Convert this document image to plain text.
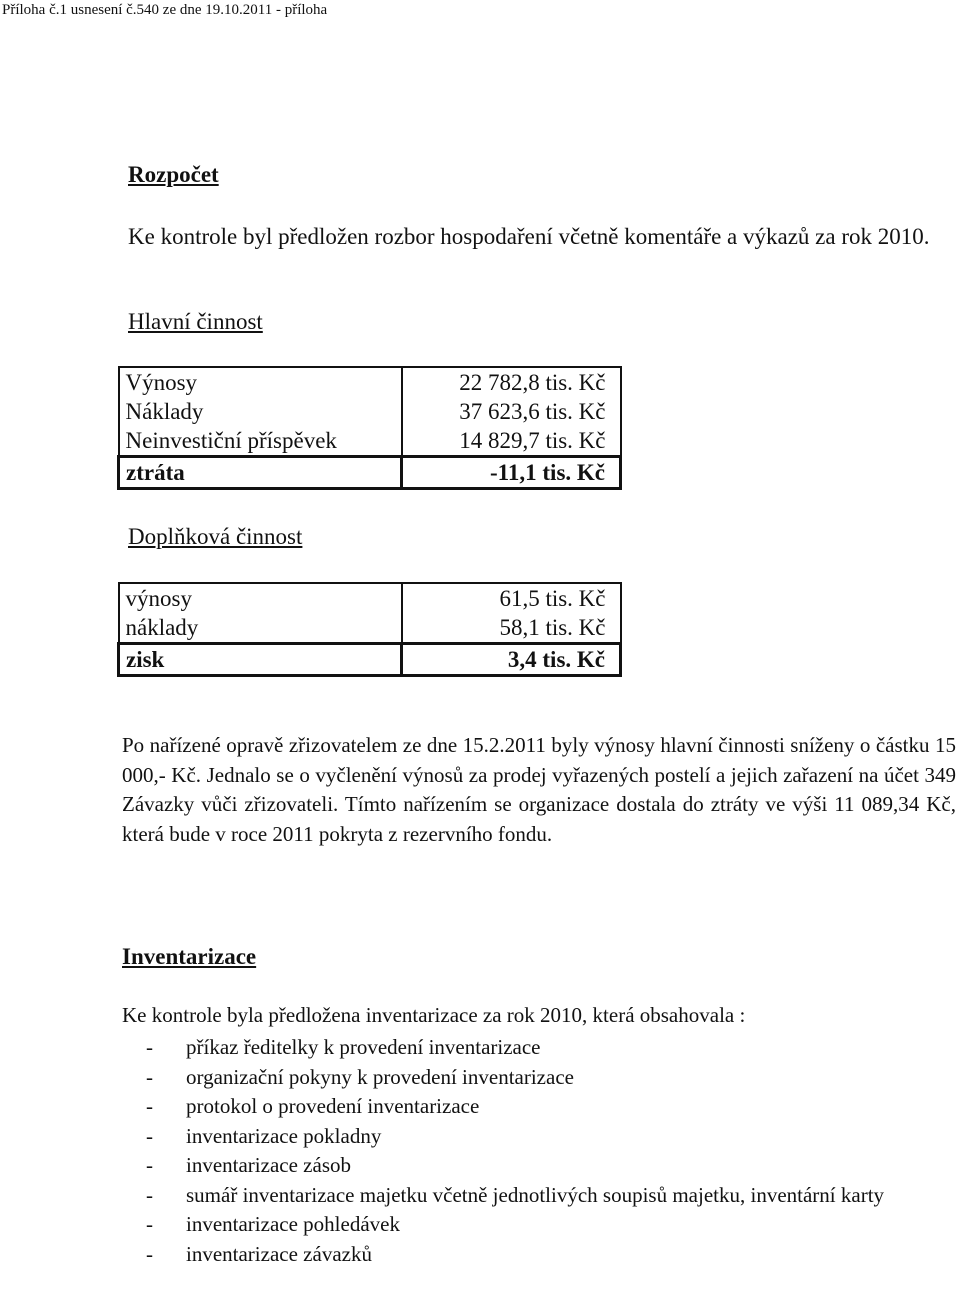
Příloha č.1 usnesení č.540 ze dne 19.10.2011 - příloha
Rozpočet
Ke kontrole byl předložen rozbor hospodaření včetně komentáře a výkazů za rok 2010.
Hlavní činnost
Výnosy	22 782,8 tis. Kč
Náklady	37 623,6 tis. Kč
Neinvestiční příspěvek	14 829,7 tis. Kč
ztráta	-11,1 tis. Kč
Doplňková činnost
výnosy	61,5 tis. Kč
náklady	58,1 tis. Kč
zisk	3,4 tis. Kč
Po nařízené opravě zřizovatelem ze dne 15.2.2011 byly výnosy hlavní činnosti sníženy o částku 15 000,- Kč. Jednalo se o vyčlenění výnosů za prodej vyřazených postelí a jejich zařazení na účet 349 Závazky vůči zřizovateli. Tímto nařízením se organizace dostala do ztráty ve výši 11 089,34 Kč, která bude v roce 2011 pokryta z rezervního fondu.
Inventarizace
Ke kontrole byla předložena inventarizace za rok 2010, která obsahovala :
- příkaz ředitelky k provedení inventarizace
- organizační pokyny k provedení inventarizace
- protokol o provedení inventarizace
- inventarizace pokladny
- inventarizace zásob
- sumář inventarizace majetku včetně jednotlivých soupisů majetku, inventární karty
- inventarizace pohledávek
- inventarizace závazků
